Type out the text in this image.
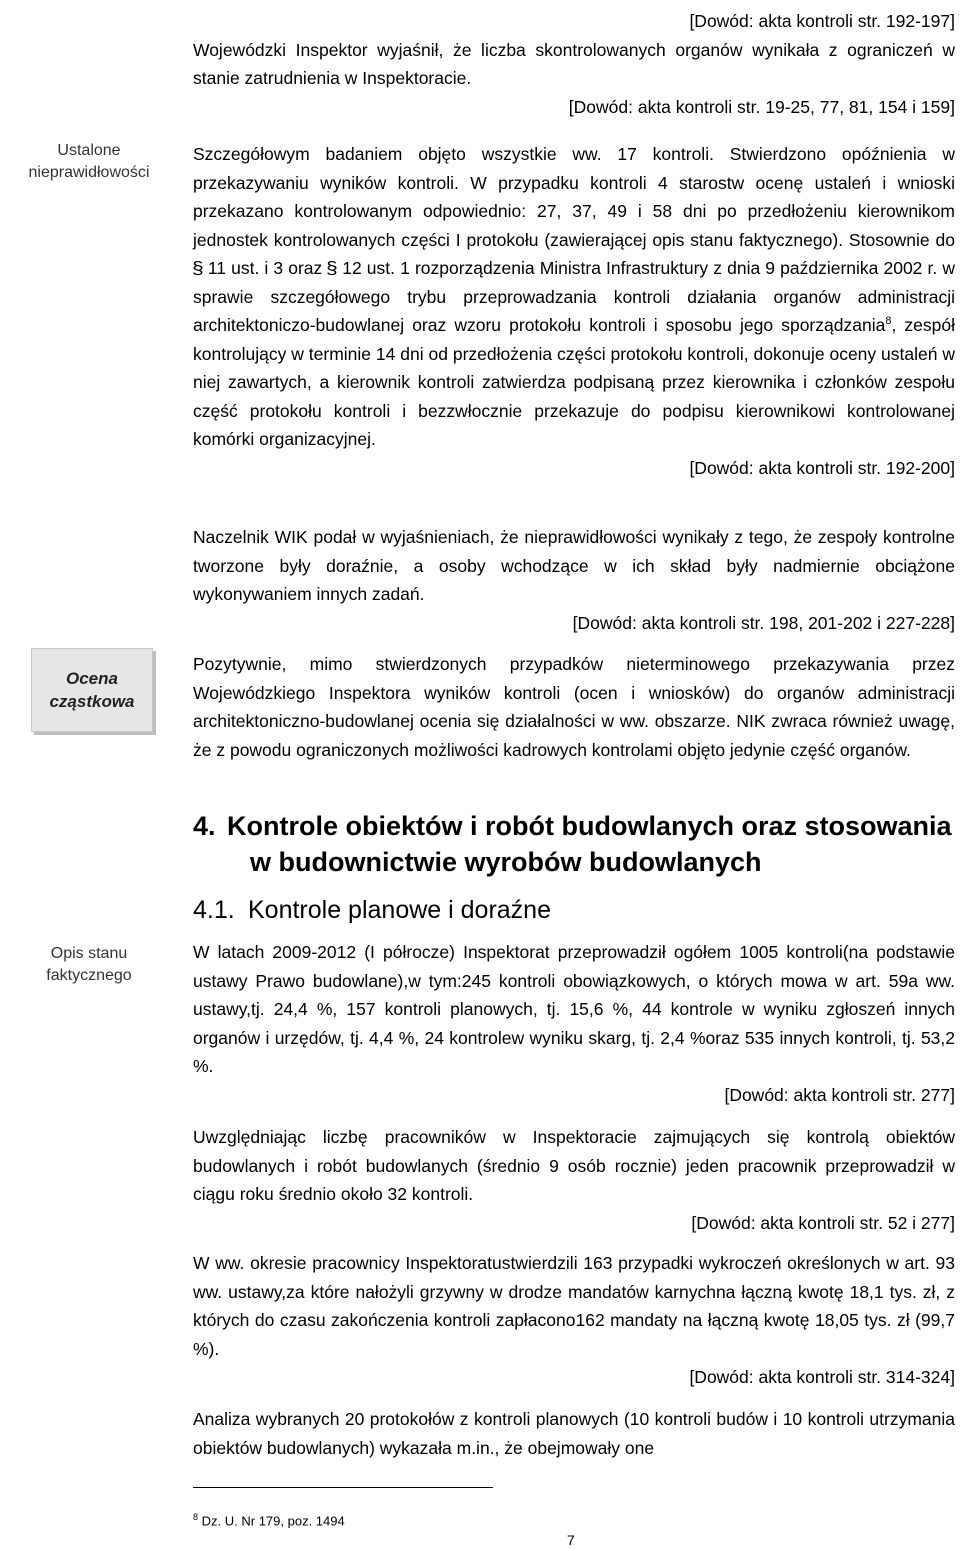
Ustalone nieprawidłowości
Ocena cząstkowa
Opis stanu faktycznego
[Dowód: akta kontroli str. 192-197]
Wojewódzki Inspektor wyjaśnił, że liczba skontrolowanych organów wynikała z ograniczeń w stanie zatrudnienia w Inspektoracie.
[Dowód: akta kontroli str. 19-25, 77, 81, 154 i 159]
Szczegółowym badaniem objęto wszystkie ww. 17 kontroli. Stwierdzono opóźnienia w przekazywaniu wyników kontroli. W przypadku kontroli 4 starostw ocenę ustaleń i wnioski przekazano kontrolowanym odpowiednio: 27, 37, 49 i 58 dni po przedłożeniu kierownikom jednostek kontrolowanych części I protokołu (zawierającej opis stanu faktycznego). Stosownie do § 11 ust. i 3 oraz § 12 ust. 1 rozporządzenia Ministra Infrastruktury z dnia 9 października 2002 r. w sprawie szczegółowego trybu przeprowadzania kontroli działania organów administracji architektoniczo-budowlanej oraz wzoru protokołu kontroli i sposobu jego sporządzania$^8$, zespół kontrolujący w terminie 14 dni od przedłożenia części protokołu kontroli, dokonuje oceny ustaleń w niej zawartych, a kierownik kontroli zatwierdza podpisaną przez kierownika i członków zespołu część protokołu kontroli i bezzwłocznie przekazuje do podpisu kierownikowi kontrolowanej komórki organizacyjnej.
[Dowód: akta kontroli str. 192-200]
Naczelnik WIK podał w wyjaśnieniach, że nieprawidłowości wynikały z tego, że zespoły kontrolne tworzone były doraźnie, a osoby wchodzące w ich skład były nadmiernie obciążone wykonywaniem innych zadań.
[Dowód: akta kontroli str. 198, 201-202 i 227-228]
Pozytywnie, mimo stwierdzonych przypadków nieterminowego przekazywania przez Wojewódzkiego Inspektora wyników kontroli (ocen i wniosków) do organów administracji architektoniczno-budowlanej ocenia się działalności w ww. obszarze. NIK zwraca również uwagę, że z powodu ograniczonych możliwości kadrowych kontrolami objęto jedynie część organów.
4. Kontrole obiektów i robót budowlanych oraz stosowania
w budownictwie wyrobów budowlanych
4.1. Kontrole planowe i doraźne
W latach 2009-2012 (I półrocze) Inspektorat przeprowadził ogółem 1005 kontroli(na podstawie ustawy Prawo budowlane),w tym:245 kontroli obowiązkowych, o których mowa w art. 59a ww. ustawy,tj. 24,4 %, 157 kontroli planowych, tj. 15,6 %, 44 kontrole w wyniku zgłoszeń innych organów i urzędów, tj. 4,4 %, 24 kontrolew wyniku skarg, tj. 2,4 %oraz 535 innych kontroli, tj. 53,2 %.
[Dowód: akta kontroli str. 277]
Uwzględniając liczbę pracowników w Inspektoracie zajmujących się kontrolą obiektów budowlanych i robót budowlanych (średnio 9 osób rocznie) jeden pracownik przeprowadził w ciągu roku średnio około 32 kontroli.
[Dowód: akta kontroli str. 52 i 277]
W ww. okresie pracownicy Inspektoratustwierdzili 163 przypadki wykroczeń określonych w art. 93 ww. ustawy,za które nałożyli grzywny w drodze mandatów karnychna łączną kwotę 18,1 tys. zł, z których do czasu zakończenia kontroli zapłacono162 mandaty na łączną kwotę 18,05 tys. zł (99,7 %).
[Dowód: akta kontroli str. 314-324]
Analiza wybranych 20 protokołów z kontroli planowych (10 kontroli budów i 10 kontroli utrzymania obiektów budowlanych) wykazała m.in., że obejmowały one
$^8$ Dz. U. Nr 179, poz. 1494
7
